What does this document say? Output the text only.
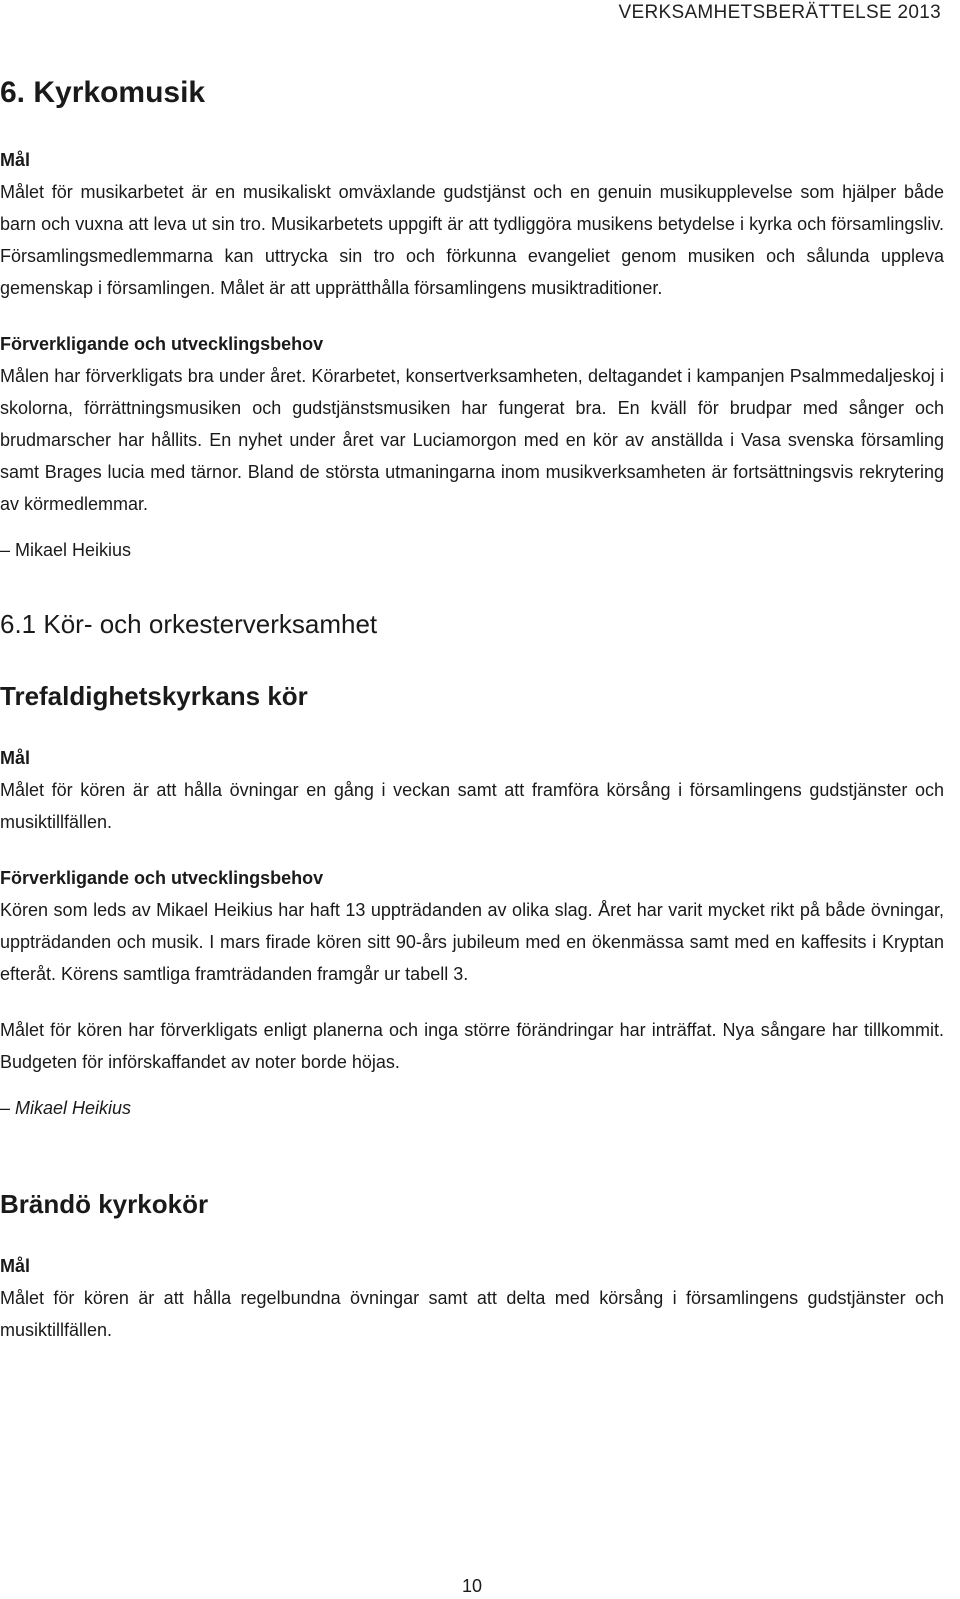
VERKSAMHETSBERÄTTELSE 2013
6. Kyrkomusik
Mål

Målet för musikarbetet är en musikaliskt omväxlande gudstjänst och en genuin musikupplevelse som hjälper både barn och vuxna att leva ut sin tro. Musikarbetets uppgift är att tydliggöra musikens betydelse i kyrka och församlingsliv. Församlingsmedlemmarna kan uttrycka sin tro och förkunna evangeliet genom musiken och sålunda uppleva gemenskap i församlingen. Målet är att upprätthålla församlingens musiktraditioner.

Förverkligande och utvecklingsbehov

Målen har förverkligats bra under året. Körarbetet, konsertverksamheten, deltagandet i kampanjen Psalmmedaljeskoj i skolorna, förrättningsmusiken och gudstjänstsmusiken har fungerat bra. En kväll för brudpar med sånger och brudmarscher har hållits. En nyhet under året var Luciamorgon med en kör av anställda i Vasa svenska församling samt Brages lucia med tärnor. Bland de största utmaningarna inom musikverksamheten är fortsättningsvis rekrytering av körmedlemmar.

– Mikael Heikius
6.1 Kör- och orkesterverksamhet
Trefaldighetskyrkans kör
Mål

Målet för kören är att hålla övningar en gång i veckan samt att framföra körsång i församlingens gudstjänster och musiktillfällen.

Förverkligande och utvecklingsbehov

Kören som leds av Mikael Heikius har haft 13 uppträdanden av olika slag. Året har varit mycket rikt på både övningar, uppträdanden och musik. I mars firade kören sitt 90-års jubileum med en ökenmässa samt med en kaffesits i Kryptan efteråt. Körens samtliga framträdanden framgår ur tabell 3.

Målet för kören har förverkligats enligt planerna och inga större förändringar har inträffat. Nya sångare har tillkommit. Budgeten för införskaffandet av noter borde höjas.

– Mikael Heikius
Brändö kyrkokör
Mål

Målet för kören är att hålla regelbundna övningar samt att delta med körsång i församlingens gudstjänster och musiktillfällen.

10
